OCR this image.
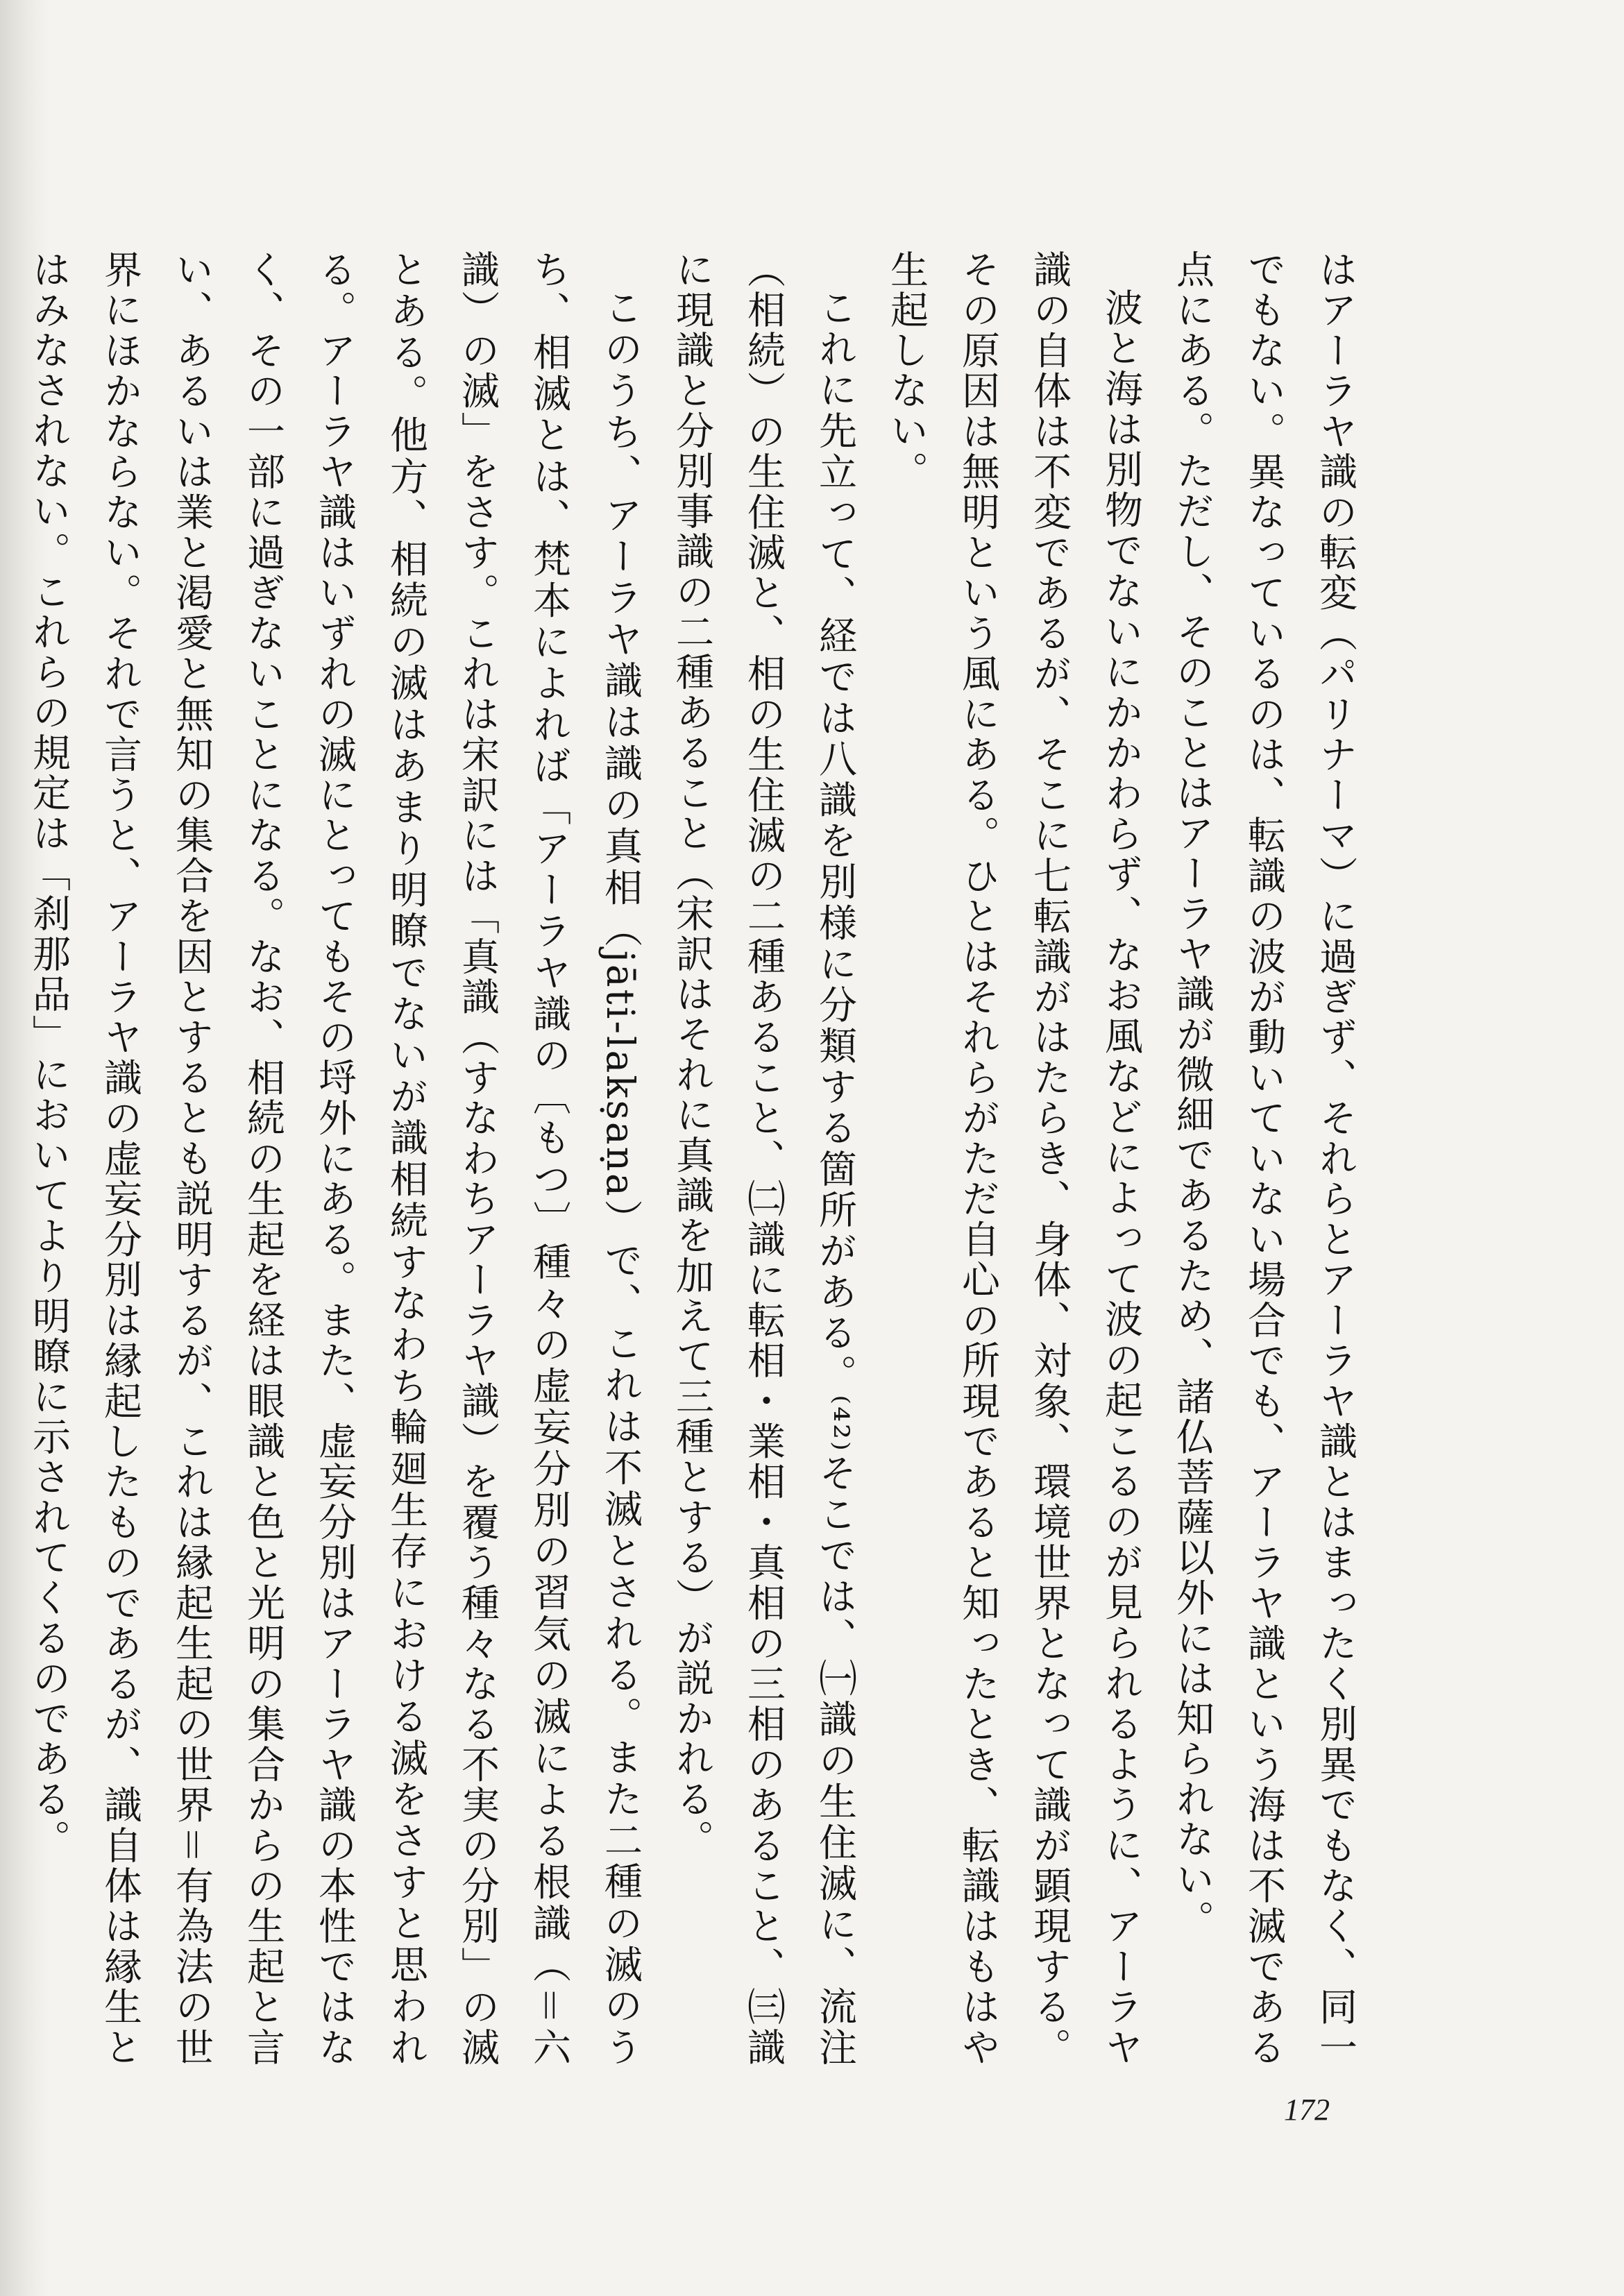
はアーラヤ識の転変（パリナーマ）に過ぎず、それらとアーラヤ識とはまったく別異でもなく、同一でもない。異なっているのは、転識の波が動いていない場合でも、アーラヤ識という海は不滅である点にある。ただし、そのことはアーラヤ識が微細であるため、諸仏菩薩以外には知られない。

波と海は別物でないにかかわらず、なお風などによって波の起こるのが見られるように、アーラヤ識の自体は不変であるが、そこに七転識がはたらき、身体、対象、環境世界となって識が顕現する。その原因は無明という風にある。ひとはそれらがただ自心の所現であると知ったとき、転識はもはや生起しない。

これに先立って、経では八識を別様に分類する箇所がある。⁽⁴²⁾そこでは、㈠識の生住滅に、流注（相続）の生住滅と、相の生住滅の二種あること、㈡識に転相・業相・真相の三相のあること、㈢識に現識と分別事識の二種あること（宋訳はそれに真識を加えて三種とする）が説かれる。

このうち、アーラヤ識は識の真相（jāti-lakṣaṇa）で、これは不滅とされる。また二種の滅のうち、相滅とは、梵本によれば「アーラヤ識の〔もつ〕種々の虚妄分別の習気の滅による根識（＝六識）の滅」をさす。これは宋訳には「真識（すなわちアーラヤ識）を覆う種々なる不実の分別」の滅とある。他方、相続の滅はあまり明瞭でないが識相続すなわち輪廻生存における滅をさすと思われる。アーラヤ識はいずれの滅にとってもその埒外にある。また、虚妄分別はアーラヤ識の本性ではなく、その一部に過ぎないことになる。なお、相続の生起を経は眼識と色と光明の集合からの生起と言い、あるいは業と渇愛と無知の集合を因とするとも説明するが、これは縁起生起の世界＝有為法の世界にほかならない。それで言うと、アーラヤ識の虚妄分別は縁起したものであるが、識自体は縁生とはみなされない。これらの規定は「刹那品」においてより明瞭に示されてくるのである。

172
